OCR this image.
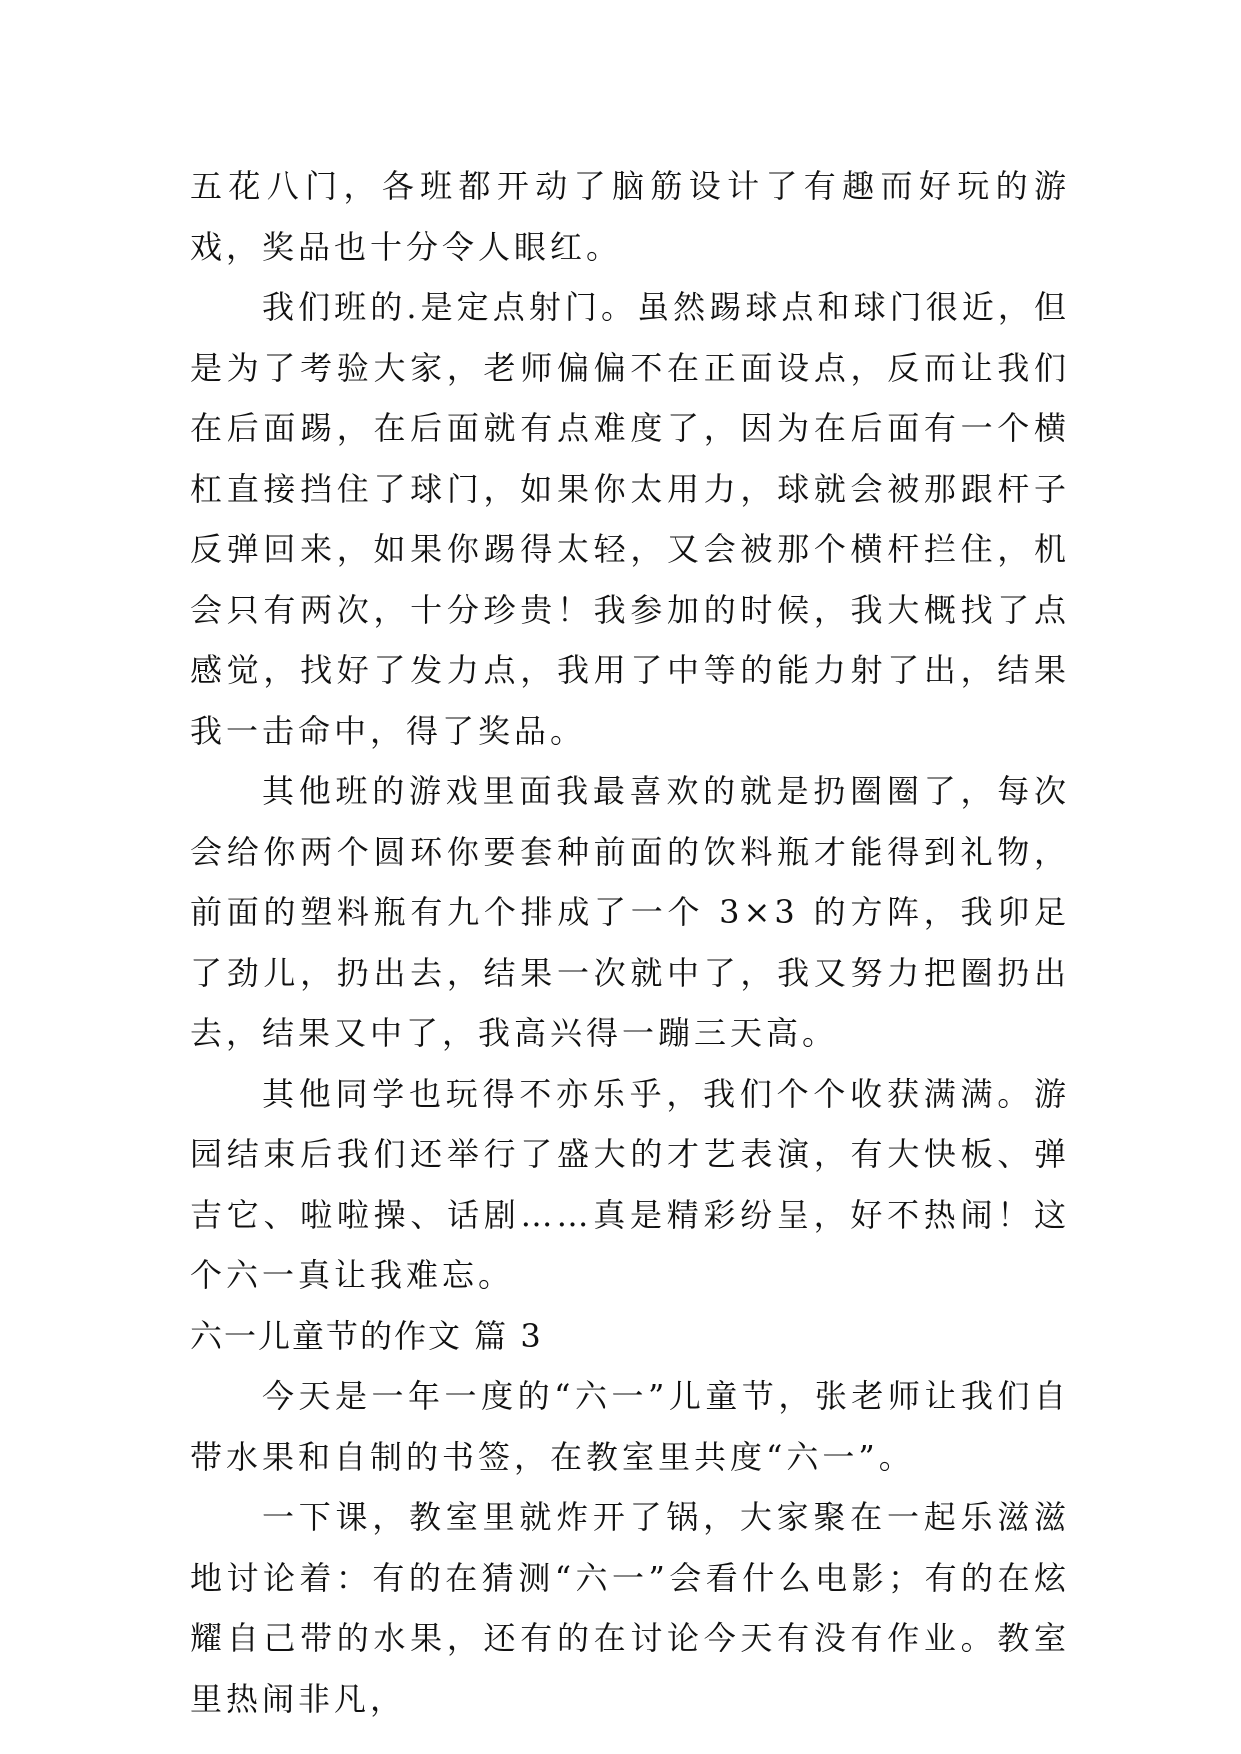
五花八门，各班都开动了脑筋设计了有趣而好玩的游戏，奖品也十分令人眼红。

我们班的.是定点射门。虽然踢球点和球门很近，但是为了考验大家，老师偏偏不在正面设点，反而让我们在后面踢，在后面就有点难度了，因为在后面有一个横杠直接挡住了球门，如果你太用力，球就会被那跟杆子反弹回来，如果你踢得太轻，又会被那个横杆拦住，机会只有两次，十分珍贵！我参加的时候，我大概找了点感觉，找好了发力点，我用了中等的能力射了出，结果我一击命中，得了奖品。

其他班的游戏里面我最喜欢的就是扔圈圈了，每次会给你两个圆环你要套种前面的饮料瓶才能得到礼物，前面的塑料瓶有九个排成了一个 3×3 的方阵，我卯足了劲儿，扔出去，结果一次就中了，我又努力把圈扔出去，结果又中了，我高兴得一蹦三天高。

其他同学也玩得不亦乐乎，我们个个收获满满。游园结束后我们还举行了盛大的才艺表演，有大快板、弹吉它、啦啦操、话剧……真是精彩纷呈，好不热闹！这个六一真让我难忘。

六一儿童节的作文 篇 3

今天是一年一度的“六一”儿童节，张老师让我们自带水果和自制的书签，在教室里共度“六一”。

一下课，教室里就炸开了锅，大家聚在一起乐滋滋地讨论着：有的在猜测“六一”会看什么电影；有的在炫耀自己带的水果，还有的在讨论今天有没有作业。教室里热闹非凡，
